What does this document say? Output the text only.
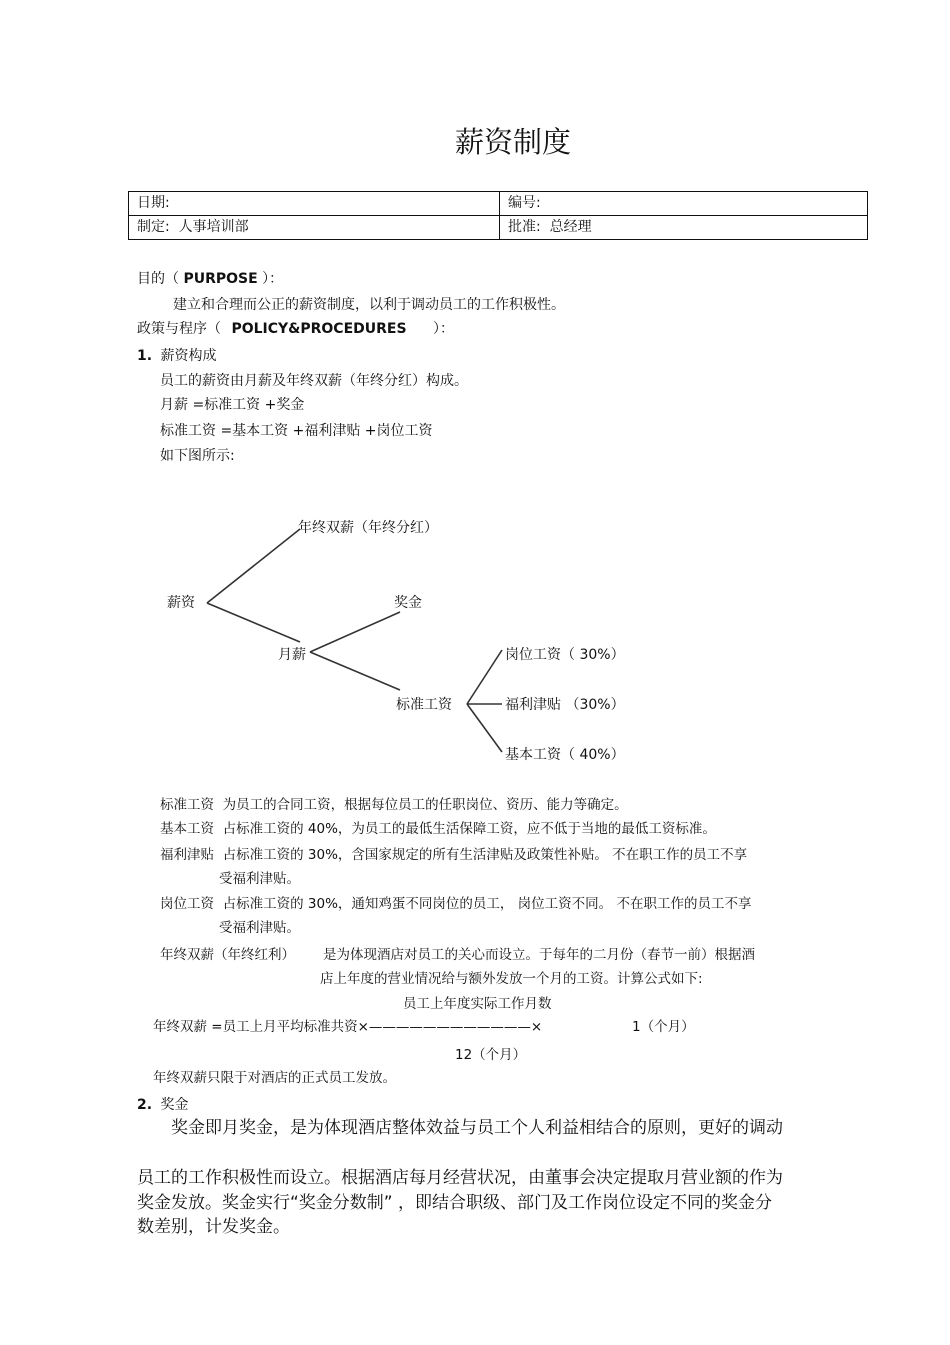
薪资制度
日期:	编号:
制定: 人事培训部	批准: 总经理
目的（ PURPOSE ）：
建立和合理而公正的薪资制度，以利于调动员工的工作积极性。
政策与程序（ POLICY&PROCEDURES ）：
1. 薪资构成
员工的薪资由月薪及年终双薪（年终分红）构成。
月薪 =标准工资 +奖金
标准工资 =基本工资 +福利津贴 +岗位工资
如下图所示:
薪资
年终双薪（年终分红）
月薪
奖金
标准工资
岗位工资（ 30%）
福利津贴 （30%）
基本工资（ 40%）
标准工资 为员工的合同工资，根据每位员工的任职岗位、资历、能力等确定。
基本工资 占标准工资的 40%，为员工的最低生活保障工资，应不低于当地的最低工资标准。
福利津贴 占标准工资的 30%，含国家规定的所有生活津贴及政策性补贴。 不在职工作的员工不享
受福利津贴。
岗位工资 占标准工资的 30%，通知鸡蛋不同岗位的员工， 岗位工资不同。 不在职工作的员工不享
受福利津贴。
年终双薪（年终红利） 是为体现酒店对员工的关心而设立。于每年的二月份（春节一前）根据酒
店上年度的营业情况给与额外发放一个月的工资。计算公式如下:
员工上年度实际工作月数
年终双薪 =员工上月平均标准共资×————————————×	1（个月）
12（个月）
年终双薪只限于对酒店的正式员工发放。
2. 奖金
奖金即月奖金，是为体现酒店整体效益与员工个人利益相结合的原则，更好的调动
员工的工作积极性而设立。根据酒店每月经营状况，由董事会决定提取月营业额的作为
奖金发放。奖金实行“奖金分数制” ，即结合职级、部门及工作岗位设定不同的奖金分
数差别，计发奖金。
